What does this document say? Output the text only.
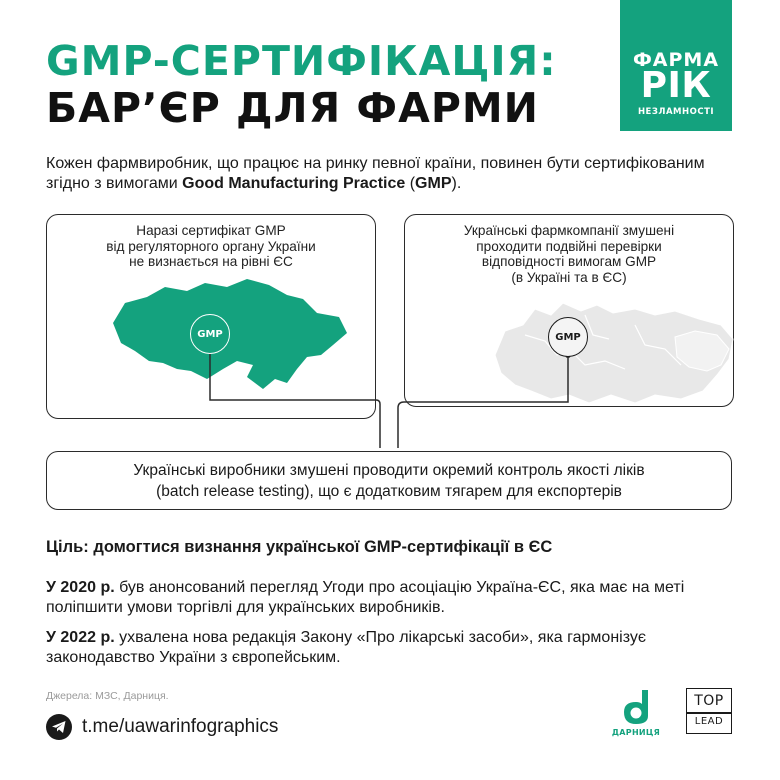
GMP-СЕРТИФІКАЦІЯ:
БАР’ЄР ДЛЯ ФАРМИ
ФАРМА
РІК
НЕЗЛАМНОСТІ
Кожен фармвиробник, що працює на ринку певної країни, повинен бути сертифікованим згідно з вимогами Good Manufacturing Practice (GMP).
Наразі сертифікат GMP
від регуляторного органу України
не визнається на рівні ЄС
Українські фармкомпанії змушені
проходити подвійні перевірки
відповідності вимогам GMP
(в Україні та в ЄС)
GMP	GMP
Українські виробники змушені проводити окремий контроль якості ліків
(batch release testing), що є додатковим тягарем для експортерів
Ціль: домогтися визнання української GMP-сертифікації в ЄС
У 2020 р. був анонсований перегляд Угоди про асоціацію Україна-ЄС, яка має на меті поліпшити умови торгівлі для українських виробників.
У 2022 р. ухвалена нова редакція Закону «Про лікарські засоби», яка гармонізує законодавство України з європейським.
Джерела: МЗС, Дарниця.
t.me/uawarinfographics	ДАРНИЦЯ
TOP
LEAD
